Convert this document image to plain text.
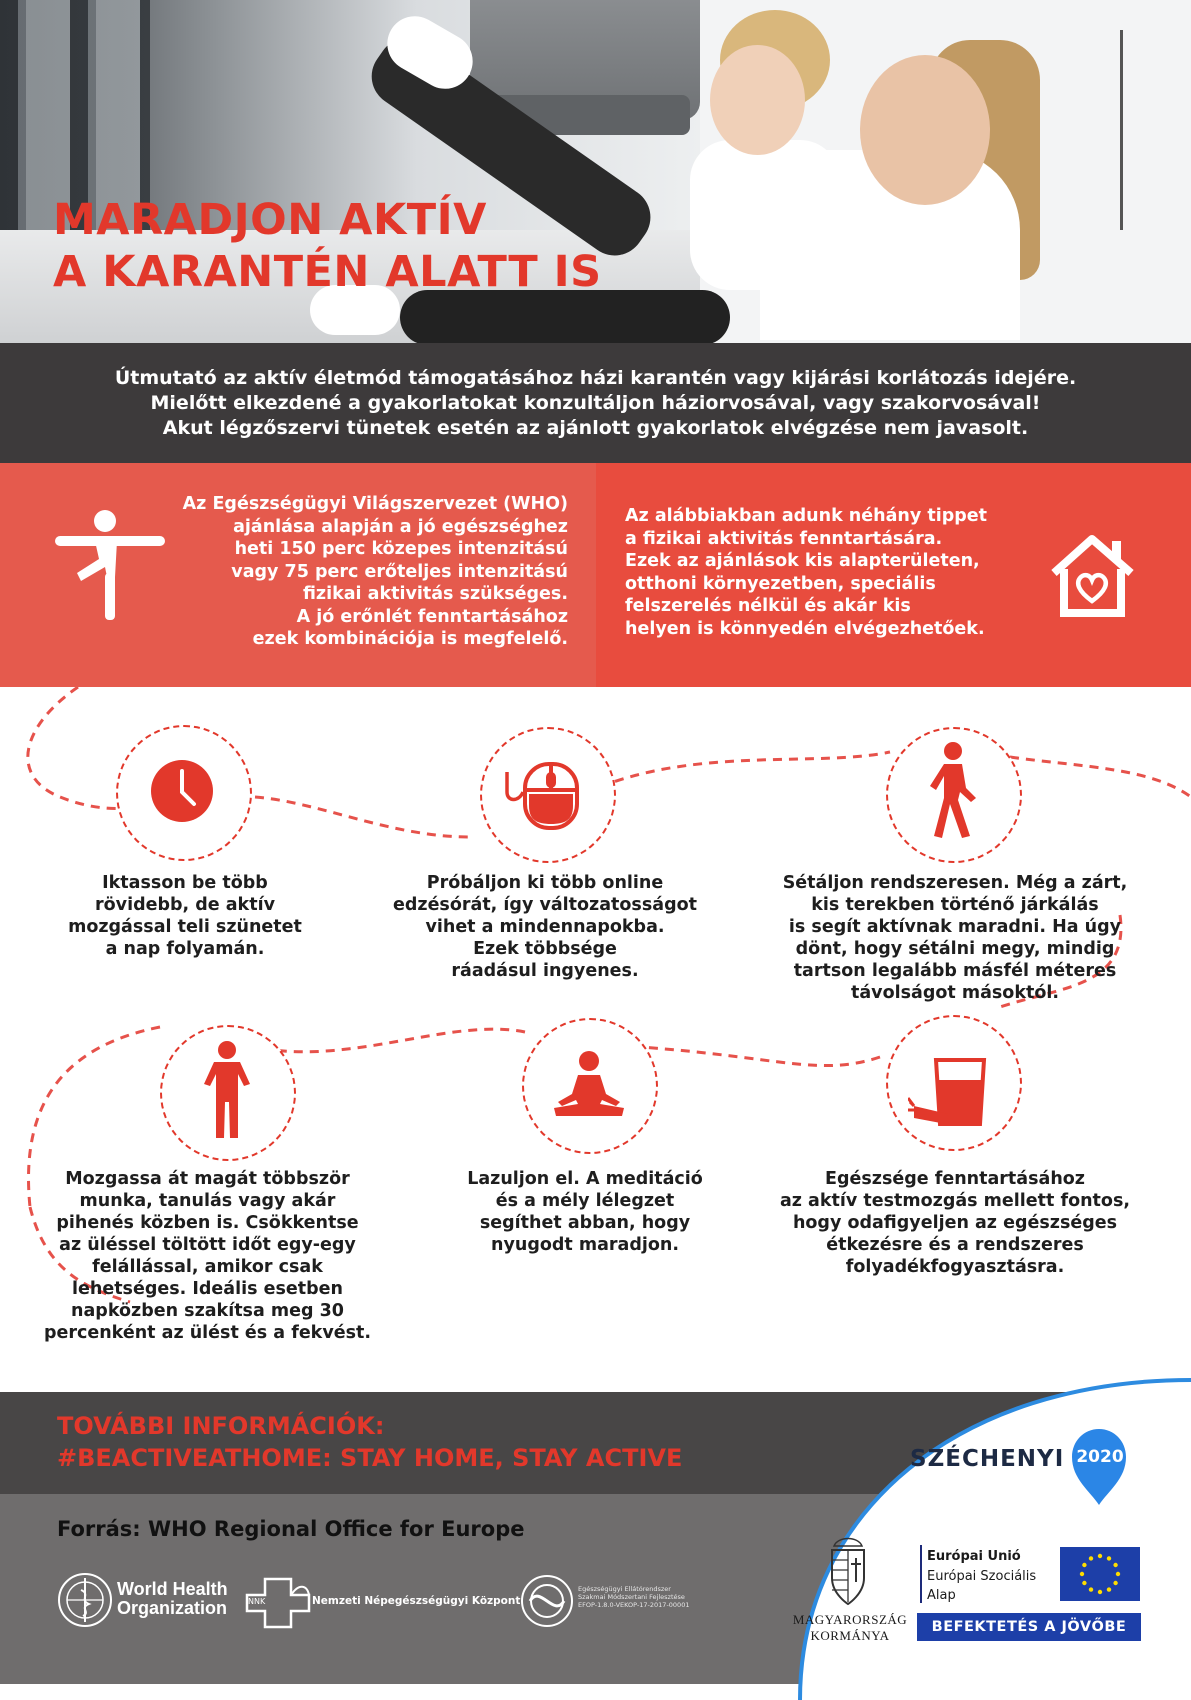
MARADJON AKTÍV
A KARANTÉN ALATT IS

Útmutató az aktív életmód támogatásához házi karantén vagy kijárási korlátozás idejére.
Mielőtt elkezdené a gyakorlatokat konzultáljon háziorvosával, vagy szakorvosával!
Akut légzőszervi tünetek esetén az ajánlott gyakorlatok elvégzése nem javasolt.

Az Egészségügyi Világszervezet (WHO)
ajánlása alapján a jó egészséghez
heti 150 perc közepes intenzitású
vagy 75 perc erőteljes intenzitású
fizikai aktivitás szükséges.
A jó erőnlét fenntartásához
ezek kombinációja is megfelelő.

Az alábbiakban adunk néhány tippet
a fizikai aktivitás fenntartására.
Ezek az ajánlások kis alapterületen,
otthoni környezetben, speciális
felszerelés nélkül és akár kis
helyen is könnyedén elvégezhetőek.

Iktasson be több
rövidebb, de aktív
mozgással teli szünetet
a nap folyamán.

Próbáljon ki több online
edzésórát, így változatosságot
vihet a mindennapokba.
Ezek többsége
ráadásul ingyenes.

Sétáljon rendszeresen. Még a zárt,
kis terekben történő járkálás
is segít aktívnak maradni. Ha úgy
dönt, hogy sétálni megy, mindig
tartson legalább másfél méteres
távolságot másoktól.

Mozgassa át magát többször
munka, tanulás vagy akár
pihenés közben is. Csökkentse
az üléssel töltött időt egy-egy
felállással, amikor csak
lehetséges. Ideális esetben
napközben szakítsa meg 30
percenként az ülést és a fekvést.

Lazuljon el. A meditáció
és a mély lélegzet
segíthet abban, hogy
nyugodt maradjon.

Egészsége fenntartásához
az aktív testmozgás mellett fontos,
hogy odafigyeljen az egészséges
étkezésre és a rendszeres
folyadékfogyasztásra.

TOVÁBBI INFORMÁCIÓK:
#BEACTIVEATHOME: STAY HOME, STAY ACTIVE

Forrás: WHO Regional Office for Europe

World Health
Organization	NNK	Nemzeti Népegészségügyi Központ

Egészségügyi Ellátórendszer
Szakmai Módszertani Fejlesztése
EFOP-1.8.0-VEKOP-17-2017-00001

SZÉCHENYI 2020

MAGYARORSZÁG
KORMÁNYA

Európai Unió
Európai Szociális
Alap

BEFEKTETÉS A JÖVŐBE
